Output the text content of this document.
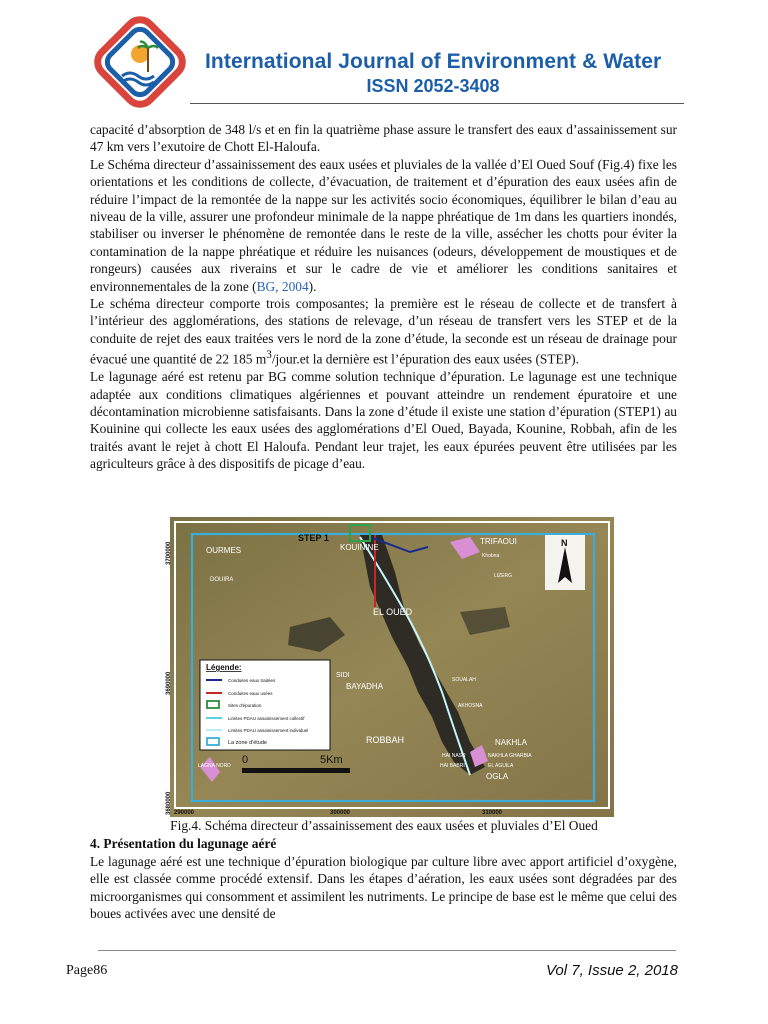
International Journal of Environment & Water
ISSN 2052-3408

capacité d’absorption de 348 l/s et en fin la quatrième phase assure le transfert des eaux d’assainissement sur 47 km vers l’exutoire de Chott El-Haloufa.

Le Schéma directeur d’assainissement des eaux usées et pluviales de la vallée d’El Oued Souf (Fig.4) fixe les orientations et les conditions de collecte, d’évacuation, de traitement et d’épuration des eaux usées afin de réduire l’impact de la remontée de la nappe sur les activités socio économiques, équilibrer le bilan d’eau au niveau de la ville, assurer une profondeur minimale de la nappe phréatique de 1m dans les quartiers inondés, stabiliser ou inverser le phénomène de remontée dans le reste de la ville, assécher les chotts pour éviter la contamination de la nappe phréatique et réduire les nuisances (odeurs, développement de moustiques et de rongeurs) causées aux riverains et sur le cadre de vie et améliorer les conditions sanitaires et environnementales de la zone (BG, 2004).

Le schéma directeur comporte trois composantes; la première est le réseau de collecte et de transfert à l’intérieur des agglomérations, des stations de relevage, d’un réseau de transfert vers les STEP et de la conduite de rejet des eaux traitées vers le nord de la zone d’étude, la seconde est un réseau de drainage pour évacué une quantité de 22 185 $m^3/jour.et$ la dernière est l’épuration des eaux usées (STEP).

Le lagunage aéré est retenu par BG comme solution technique d’épuration. Le lagunage est une technique adaptée aux conditions climatiques algériennes et pouvant atteindre un rendement épuratoire et une décontamination microbienne satisfaisants. Dans la zone d’étude il existe une station d’épuration (STEP1) au Kouinine qui collecte les eaux usées des agglomérations d’El Oued, Bayada, Kounine, Robbah, afin de les traités avant le rejet à chott El Haloufa. Pendant leur trajet, les eaux épurées peuvent être utilisées par les agriculteurs grâce à des dispositifs de picage d’eau.

STEP 1
KOUININE
OURMES
DOUIRA
EL OUED
TRIFAOUI
Khobna
LIZERG
SIDI
BAYADHA
SOUALAH
AKHOSNA
ROBBAH	NAKHLA
NAKHLA GHARBIA
EL AGUILA
HAI NASR
HAI BABRI
OGLA
LAGNA NORD
N
Légende:
Conduites eaux traitées
Conduites eaux usées
Sites d'épuration
Limites PDAU assainissement collectif
Limites PDAU assainissement individuel
La zone d'étude
0	5Km
3700000
3690000
3680000 290000	300000	310000
Fig.4. Schéma directeur d’assainissement des eaux usées et pluviales d’El Oued
4. Présentation du lagunage aéré

Le lagunage aéré est une technique d’épuration biologique par culture libre avec apport artificiel d’oxygène, elle est classée comme procédé extensif. Dans les étapes d’aération, les eaux usées sont dégradées par des microorganismes qui consomment et assimilent les nutriments. Le principe de base est le même que celui des boues activées avec une densité de

Page86	Vol 7, Issue 2, 2018
